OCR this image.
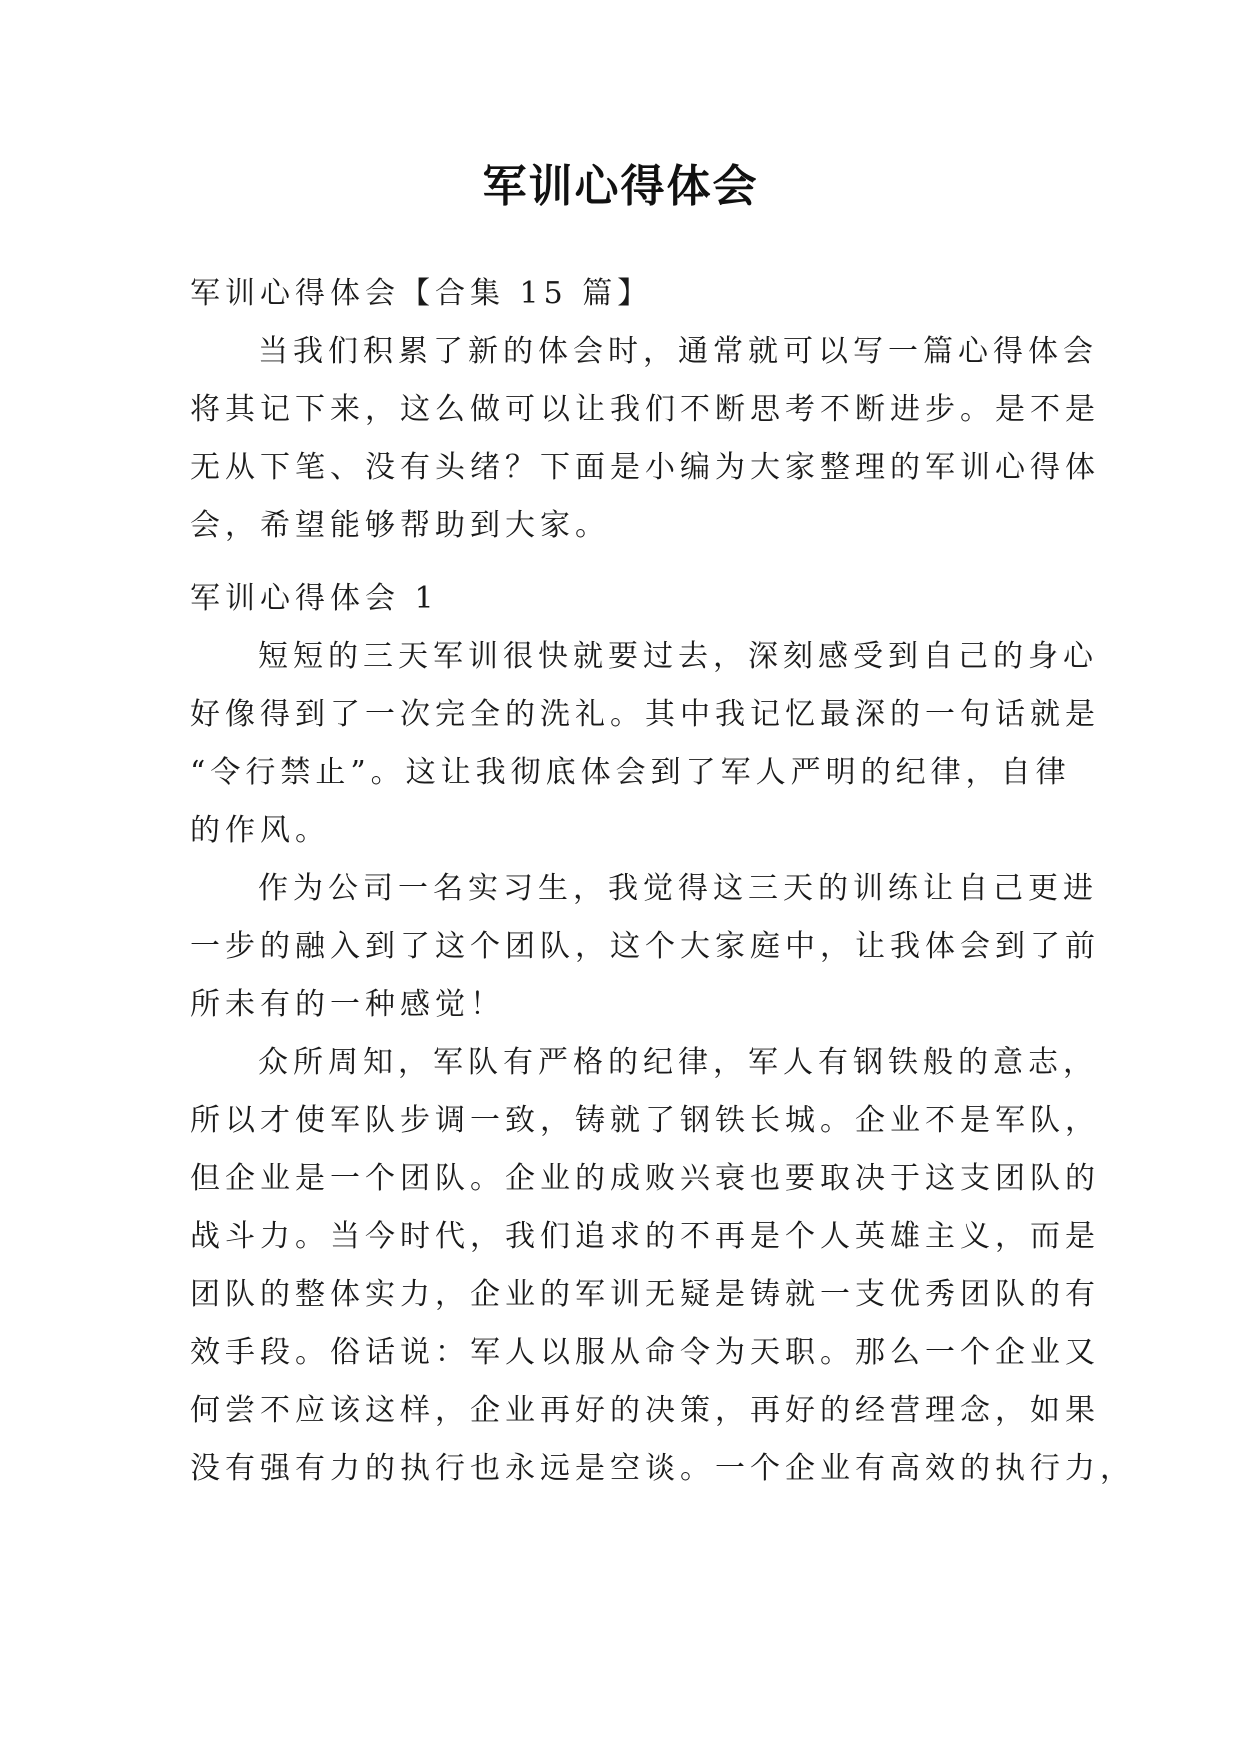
军训心得体会

军训心得体会【合集 15 篇】

当我们积累了新的体会时，通常就可以写一篇心得体会

将其记下来，这么做可以让我们不断思考不断进步。是不是

无从下笔、没有头绪？下面是小编为大家整理的军训心得体

会，希望能够帮助到大家。

军训心得体会 1

短短的三天军训很快就要过去，深刻感受到自己的身心

好像得到了一次完全的洗礼。其中我记忆最深的一句话就是

“令行禁止”。这让我彻底体会到了军人严明的纪律，自律

的作风。

作为公司一名实习生，我觉得这三天的训练让自己更进

一步的融入到了这个团队，这个大家庭中，让我体会到了前

所未有的一种感觉！

众所周知，军队有严格的纪律，军人有钢铁般的意志，

所以才使军队步调一致，铸就了钢铁长城。企业不是军队，

但企业是一个团队。企业的成败兴衰也要取决于这支团队的

战斗力。当今时代，我们追求的不再是个人英雄主义，而是

团队的整体实力，企业的军训无疑是铸就一支优秀团队的有

效手段。俗话说：军人以服从命令为天职。那么一个企业又

何尝不应该这样，企业再好的决策，再好的经营理念，如果

没有强有力的执行也永远是空谈。一个企业有高效的执行力，
